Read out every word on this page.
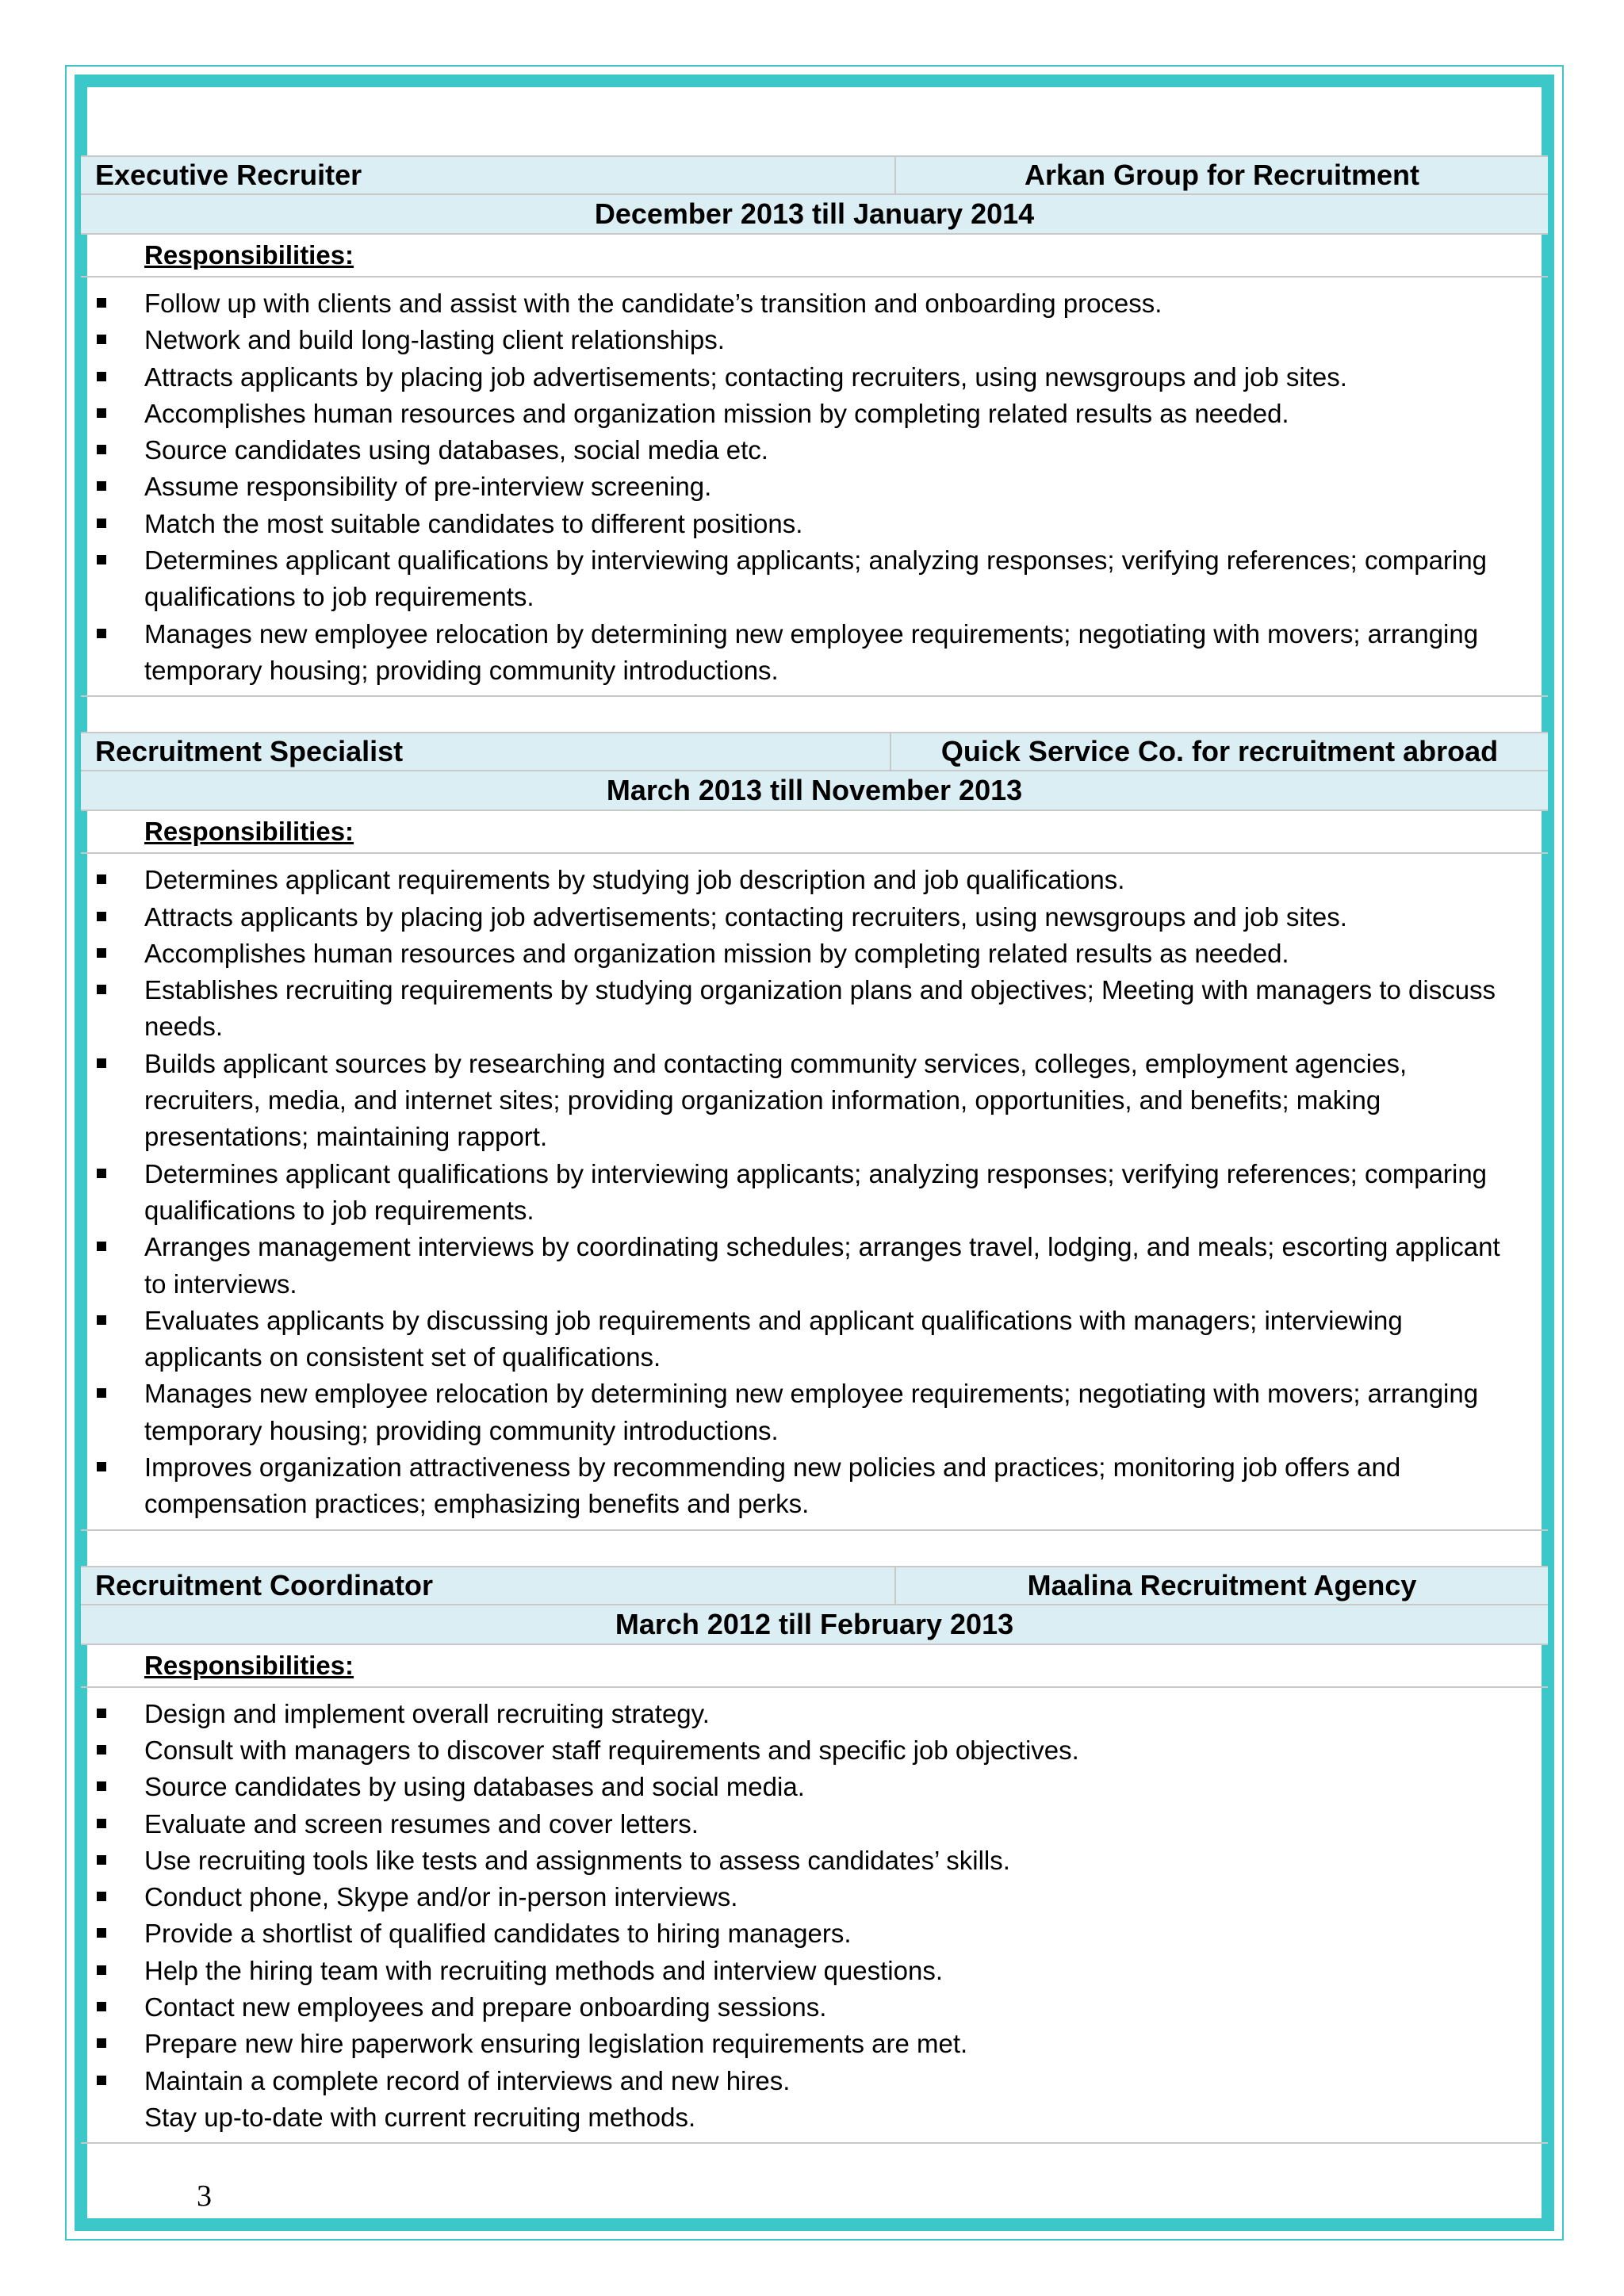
Executive Recruiter	Arkan Group for Recruitment
December 2013 till January 2014
Responsibilities:
Follow up with clients and assist with the candidate’s transition and onboarding process.
Network and build long-lasting client relationships.
Attracts applicants by placing job advertisements; contacting recruiters, using newsgroups and job sites.
Accomplishes human resources and organization mission by completing related results as needed.
Source candidates using databases, social media etc.
Assume responsibility of pre-interview screening.
Match the most suitable candidates to different positions.
Determines applicant qualifications by interviewing applicants; analyzing responses; verifying references; comparing qualifications to job requirements.
Manages new employee relocation by determining new employee requirements; negotiating with movers; arranging temporary housing; providing community introductions.
Recruitment Specialist	Quick Service Co. for recruitment abroad
March 2013 till November 2013
Responsibilities:
Determines applicant requirements by studying job description and job qualifications.
Attracts applicants by placing job advertisements; contacting recruiters, using newsgroups and job sites.
Accomplishes human resources and organization mission by completing related results as needed.
Establishes recruiting requirements by studying organization plans and objectives; Meeting with managers to discuss needs.
Builds applicant sources by researching and contacting community services, colleges, employment agencies, recruiters, media, and internet sites; providing organization information, opportunities, and benefits; making presentations; maintaining rapport.
Determines applicant qualifications by interviewing applicants; analyzing responses; verifying references; comparing qualifications to job requirements.
Arranges management interviews by coordinating schedules; arranges travel, lodging, and meals; escorting applicant to interviews.
Evaluates applicants by discussing job requirements and applicant qualifications with managers; interviewing applicants on consistent set of qualifications.
Manages new employee relocation by determining new employee requirements; negotiating with movers; arranging temporary housing; providing community introductions.
Improves organization attractiveness by recommending new policies and practices; monitoring job offers and compensation practices; emphasizing benefits and perks.
Recruitment Coordinator	Maalina Recruitment Agency
March 2012 till February 2013
Responsibilities:
Design and implement overall recruiting strategy.
Consult with managers to discover staff requirements and specific job objectives.
Source candidates by using databases and social media.
Evaluate and screen resumes and cover letters.
Use recruiting tools like tests and assignments to assess candidates’ skills.
Conduct phone, Skype and/or in-person interviews.
Provide a shortlist of qualified candidates to hiring managers.
Help the hiring team with recruiting methods and interview questions.
Contact new employees and prepare onboarding sessions.
Prepare new hire paperwork ensuring legislation requirements are met.
Maintain a complete record of interviews and new hires.
Stay up-to-date with current recruiting methods.
3
